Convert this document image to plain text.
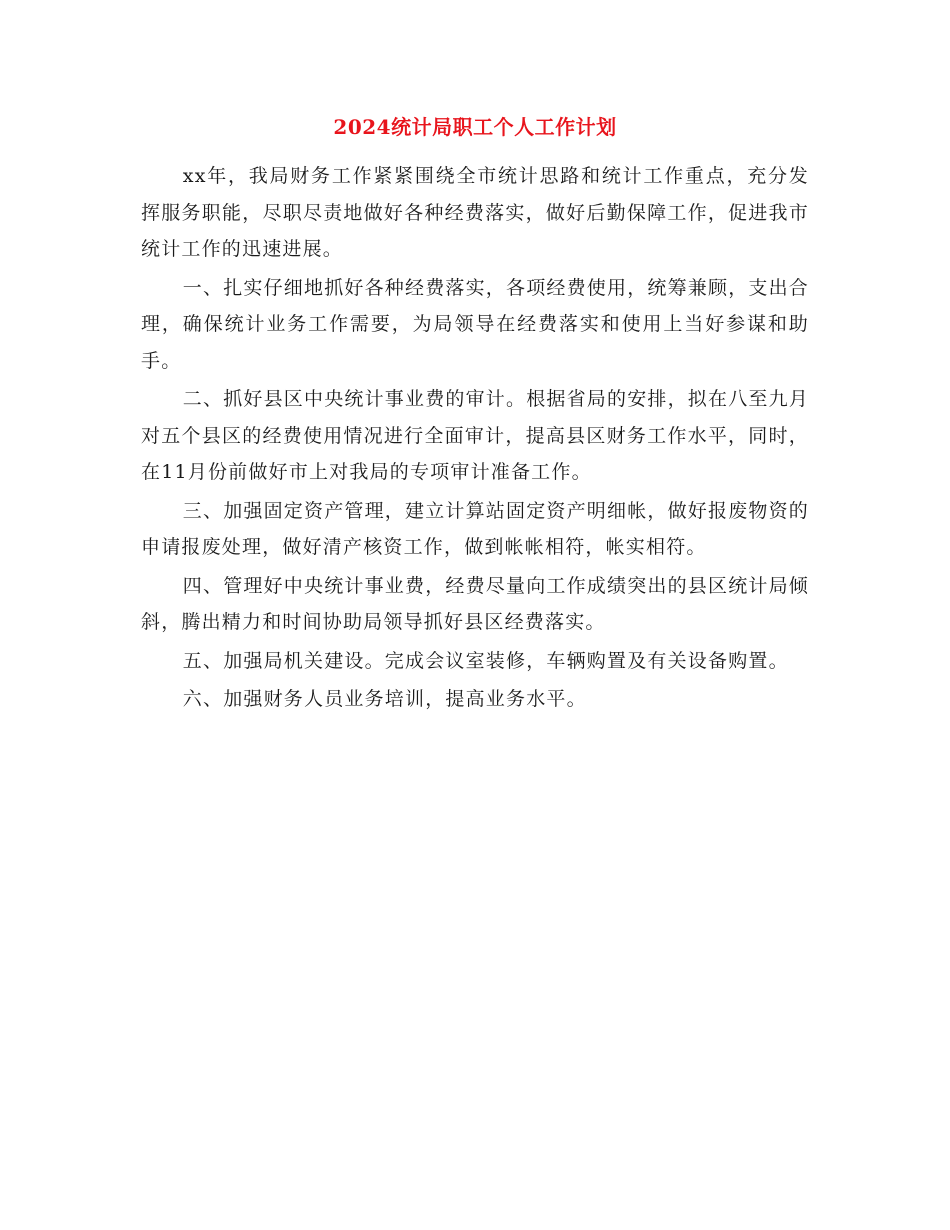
2024统计局职工个人工作计划

xx年，我局财务工作紧紧围绕全市统计思路和统计工作重点，充分发挥服务职能，尽职尽责地做好各种经费落实，做好后勤保障工作，促进我市统计工作的迅速进展。

一、扎实仔细地抓好各种经费落实，各项经费使用，统筹兼顾，支出合理，确保统计业务工作需要，为局领导在经费落实和使用上当好参谋和助手。

二、抓好县区中央统计事业费的审计。根据省局的安排，拟在八至九月对五个县区的经费使用情况进行全面审计，提高县区财务工作水平，同时，在11月份前做好市上对我局的专项审计准备工作。

三、加强固定资产管理，建立计算站固定资产明细帐，做好报废物资的申请报废处理，做好清产核资工作，做到帐帐相符，帐实相符。

四、管理好中央统计事业费，经费尽量向工作成绩突出的县区统计局倾斜，腾出精力和时间协助局领导抓好县区经费落实。

五、加强局机关建设。完成会议室装修，车辆购置及有关设备购置。

六、加强财务人员业务培训，提高业务水平。
